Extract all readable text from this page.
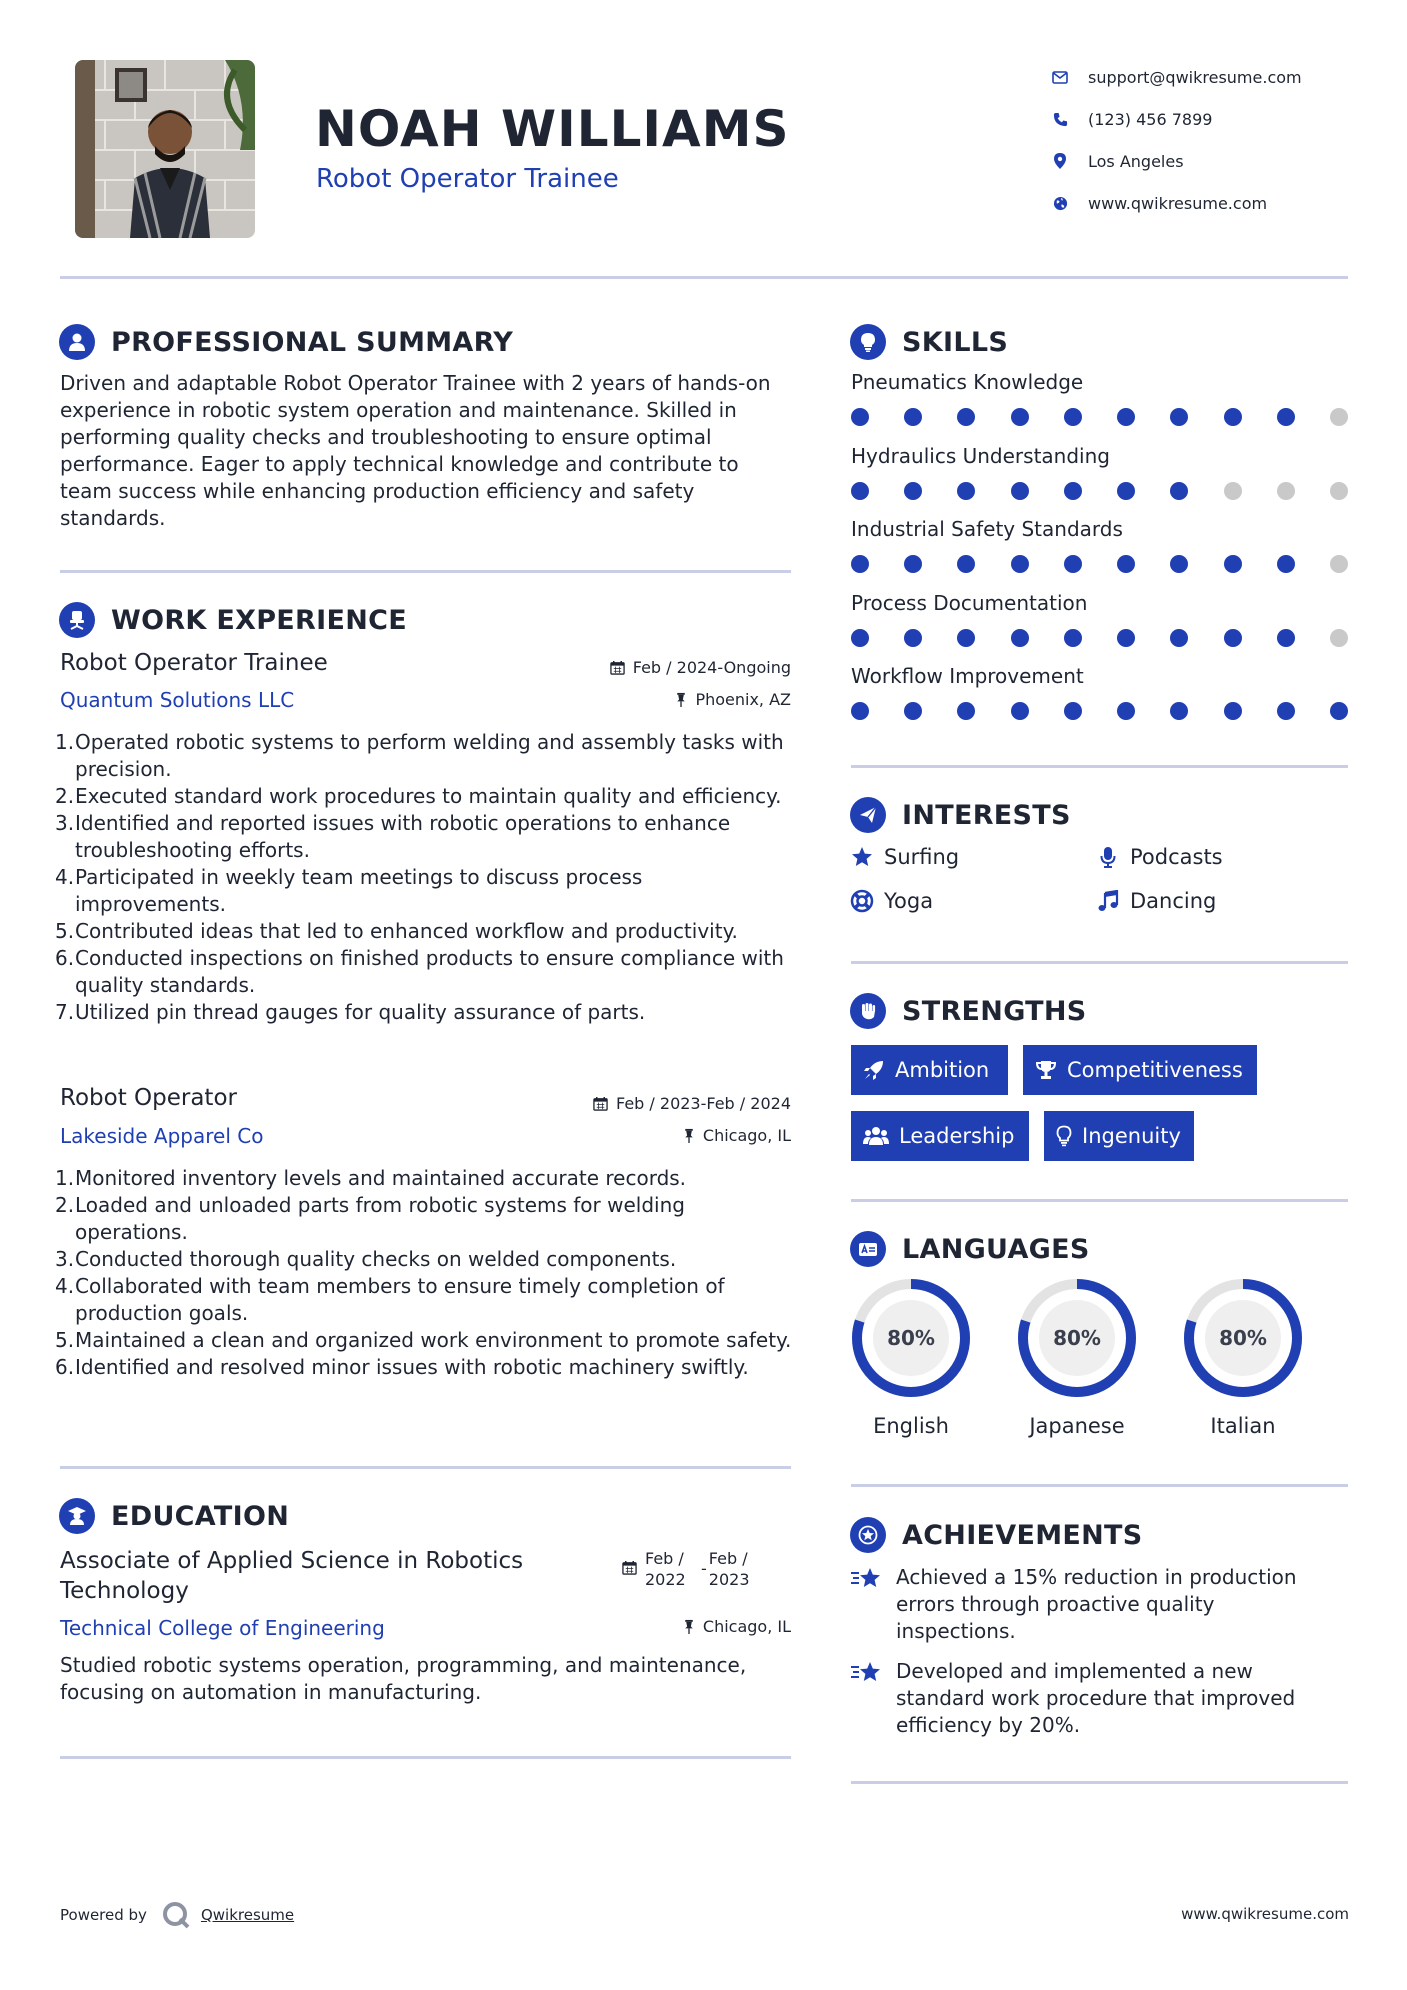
NOAH WILLIAMS
Robot Operator Trainee
support@qwikresume.com
(123) 456 7899
Los Angeles
www.qwikresume.com
PROFESSIONAL SUMMARY
Driven and adaptable Robot Operator Trainee with 2 years of hands-on experience in robotic system operation and maintenance. Skilled in performing quality checks and troubleshooting to ensure optimal performance. Eager to apply technical knowledge and contribute to team success while enhancing production efficiency and safety standards.
WORK EXPERIENCE
Robot Operator Trainee
Quantum Solutions LLC
Feb / 2024-Ongoing
Phoenix, AZ
1. Operated robotic systems to perform welding and assembly tasks with precision.
2. Executed standard work procedures to maintain quality and efficiency.
3. Identified and reported issues with robotic operations to enhance troubleshooting efforts.
4. Participated in weekly team meetings to discuss process improvements.
5. Contributed ideas that led to enhanced workflow and productivity.
6. Conducted inspections on finished products to ensure compliance with quality standards.
7. Utilized pin thread gauges for quality assurance of parts.
Robot Operator
Lakeside Apparel Co
Feb / 2023-Feb / 2024
Chicago, IL
1. Monitored inventory levels and maintained accurate records.
2. Loaded and unloaded parts from robotic systems for welding operations.
3. Conducted thorough quality checks on welded components.
4. Collaborated with team members to ensure timely completion of production goals.
5. Maintained a clean and organized work environment to promote safety.
6. Identified and resolved minor issues with robotic machinery swiftly.
EDUCATION
Associate of Applied Science in Robotics Technology
Technical College of Engineering
Feb / 2022
-
Feb / 2023
Chicago, IL
Studied robotic systems operation, programming, and maintenance, focusing on automation in manufacturing.
SKILLS
Pneumatics Knowledge
Hydraulics Understanding
Industrial Safety Standards
Process Documentation
Workflow Improvement
INTERESTS
Surfing	Podcasts
Yoga	Dancing
STRENGTHS
Ambition	Competitiveness
Leadership	Ingenuity
LANGUAGES
80%
English
80%
Japanese
80%
Italian
ACHIEVEMENTS
Achieved a 15% reduction in production errors through proactive quality inspections.
Developed and implemented a new standard work procedure that improved efficiency by 20%.
Powered by	Qwikresume	www.qwikresume.com
